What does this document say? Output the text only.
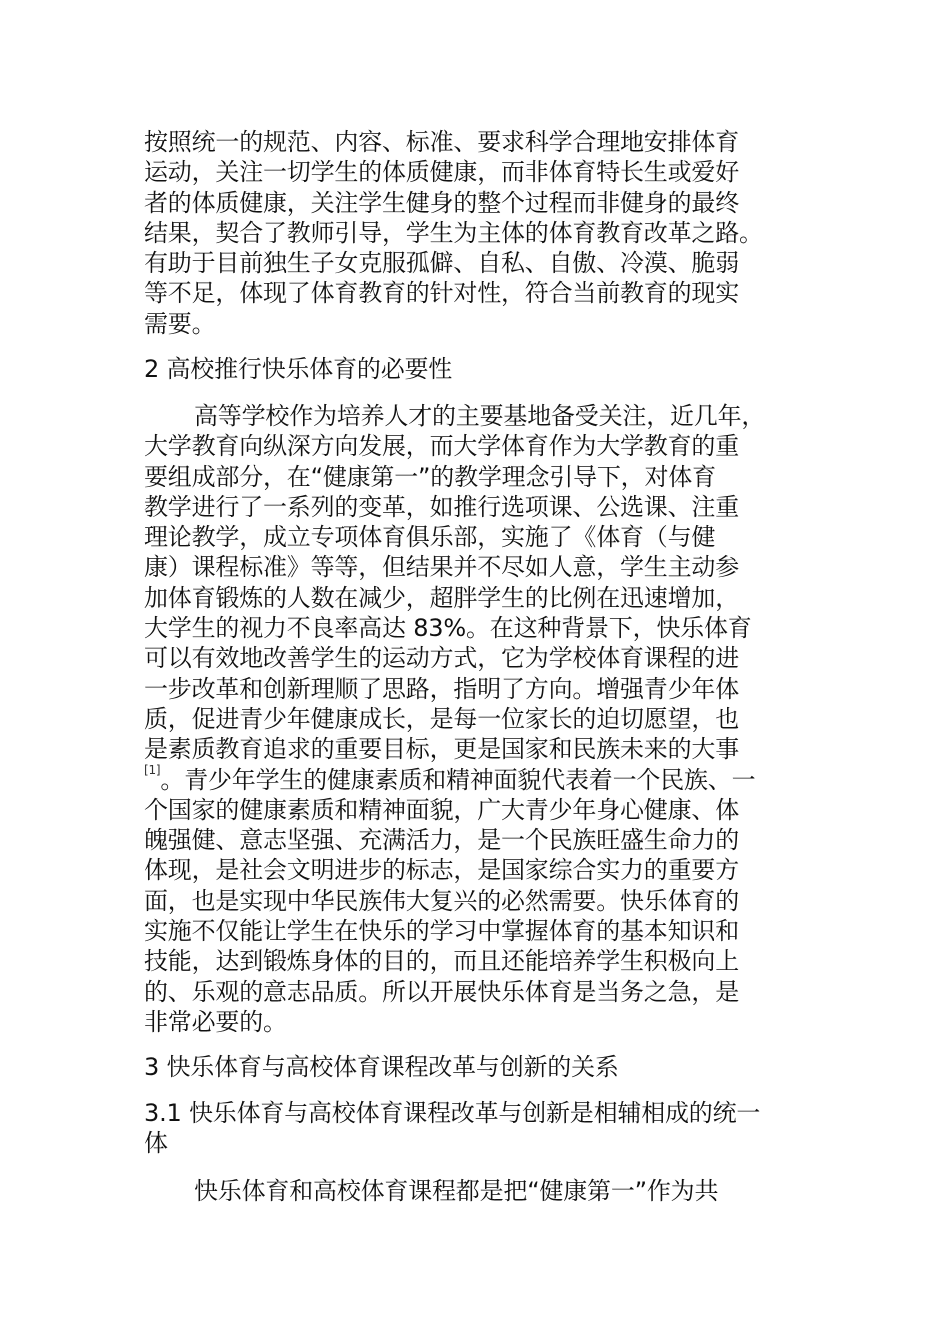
按照统一的规范、内容、标准、要求科学合理地安排体育
运动，关注一切学生的体质健康，而非体育特长生或爱好
者的体质健康，关注学生健身的整个过程而非健身的最终
结果，契合了教师引导，学生为主体的体育教育改革之路。
有助于目前独生子女克服孤僻、自私、自傲、冷漠、脆弱
等不足，体现了体育教育的针对性，符合当前教育的现实
需要。
2 高校推行快乐体育的必要性
高等学校作为培养人才的主要基地备受关注，近几年，
大学教育向纵深方向发展，而大学体育作为大学教育的重
要组成部分，在“健康第一”的教学理念引导下，对体育
教学进行了一系列的变革，如推行选项课、公选课、注重
理论教学，成立专项体育俱乐部，实施了《体育（与健
康）课程标准》等等，但结果并不尽如人意，学生主动参
加体育锻炼的人数在减少，超胖学生的比例在迅速增加，
大学生的视力不良率高达 83%。在这种背景下，快乐体育
可以有效地改善学生的运动方式，它为学校体育课程的进
一步改革和创新理顺了思路，指明了方向。增强青少年体
质，促进青少年健康成长，是每一位家长的迫切愿望，也
是素质教育追求的重要目标，更是国家和民族未来的大事
[1]。青少年学生的健康素质和精神面貌代表着一个民族、一
个国家的健康素质和精神面貌，广大青少年身心健康、体
魄强健、意志坚强、充满活力，是一个民族旺盛生命力的
体现，是社会文明进步的标志，是国家综合实力的重要方
面，也是实现中华民族伟大复兴的必然需要。快乐体育的
实施不仅能让学生在快乐的学习中掌握体育的基本知识和
技能，达到锻炼身体的目的，而且还能培养学生积极向上
的、乐观的意志品质。所以开展快乐体育是当务之急，是
非常必要的。
3 快乐体育与高校体育课程改革与创新的关系
3.1 快乐体育与高校体育课程改革与创新是相辅相成的统一
体
快乐体育和高校体育课程都是把“健康第一”作为共
